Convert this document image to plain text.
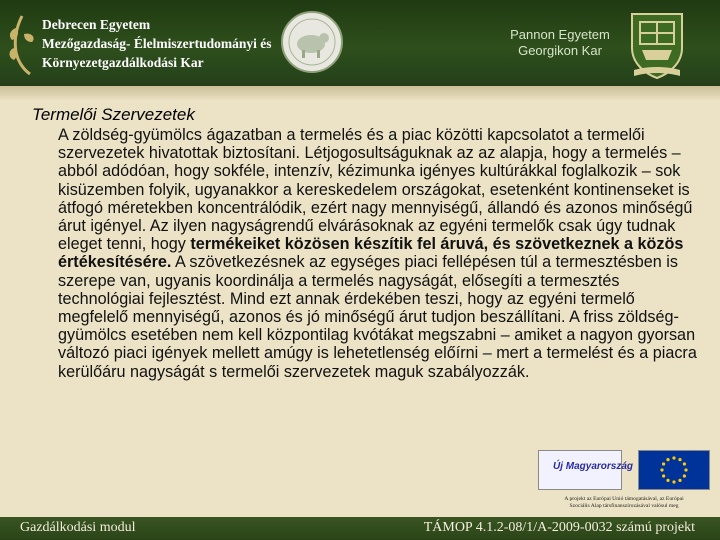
Debrecen Egyetem
Mezőgazdaság- Élelmiszertudományi és
Környezetgazdálkodási Kar
Pannon Egyetem
Georgikon Kar
Termelői Szervezetek

A zöldség-gyümölcs ágazatban a termelés és a piac közötti kapcsolatot a termelői szervezetek hivatottak biztosítani. Létjogosultságuknak az az alapja, hogy a termelés – abból adódóan, hogy sokféle, intenzív, kézimunka igényes kultúrákkal foglalkozik – sok kisüzemben folyik, ugyanakkor a kereskedelem országokat, esetenként kontinenseket is átfogó méretekben koncentrálódik, ezért nagy mennyiségű, állandó és azonos minőségű árut igényel. Az ilyen nagyságrendű elvárásoknak az egyéni termelők csak úgy tudnak eleget tenni, hogy termékeiket közösen készítik fel áruvá, és szövetkeznek a közös értékesítésére. A szövetkezésnek az egységes piaci fellépésen túl a termesztésben is szerepe van, ugyanis koordinálja a termelés nagyságát, elősegíti a termesztés technológiai fejlesztést. Mind ezt annak érdekében teszi, hogy az egyéni termelő megfelelő mennyiségű, azonos és jó minőségű árut tudjon beszállítani. A friss zöldség-gyümölcs esetében nem kell központilag kvótákat megszabni – amiket a nagyon gyorsan változó piaci igények mellett amúgy is lehetetlenség előírni – mert a termelést és a piacra kerülőáru nagyságát s termelői szervezetek maguk szabályozzák.

Új Magyarország
A projekt az Európai Unió támogatásával, az Európai
Szociális Alap társfinanszírozásával valósul meg
Gazdálkodási modul	TÁMOP 4.1.2-08/1/A-2009-0032 számú projekt
